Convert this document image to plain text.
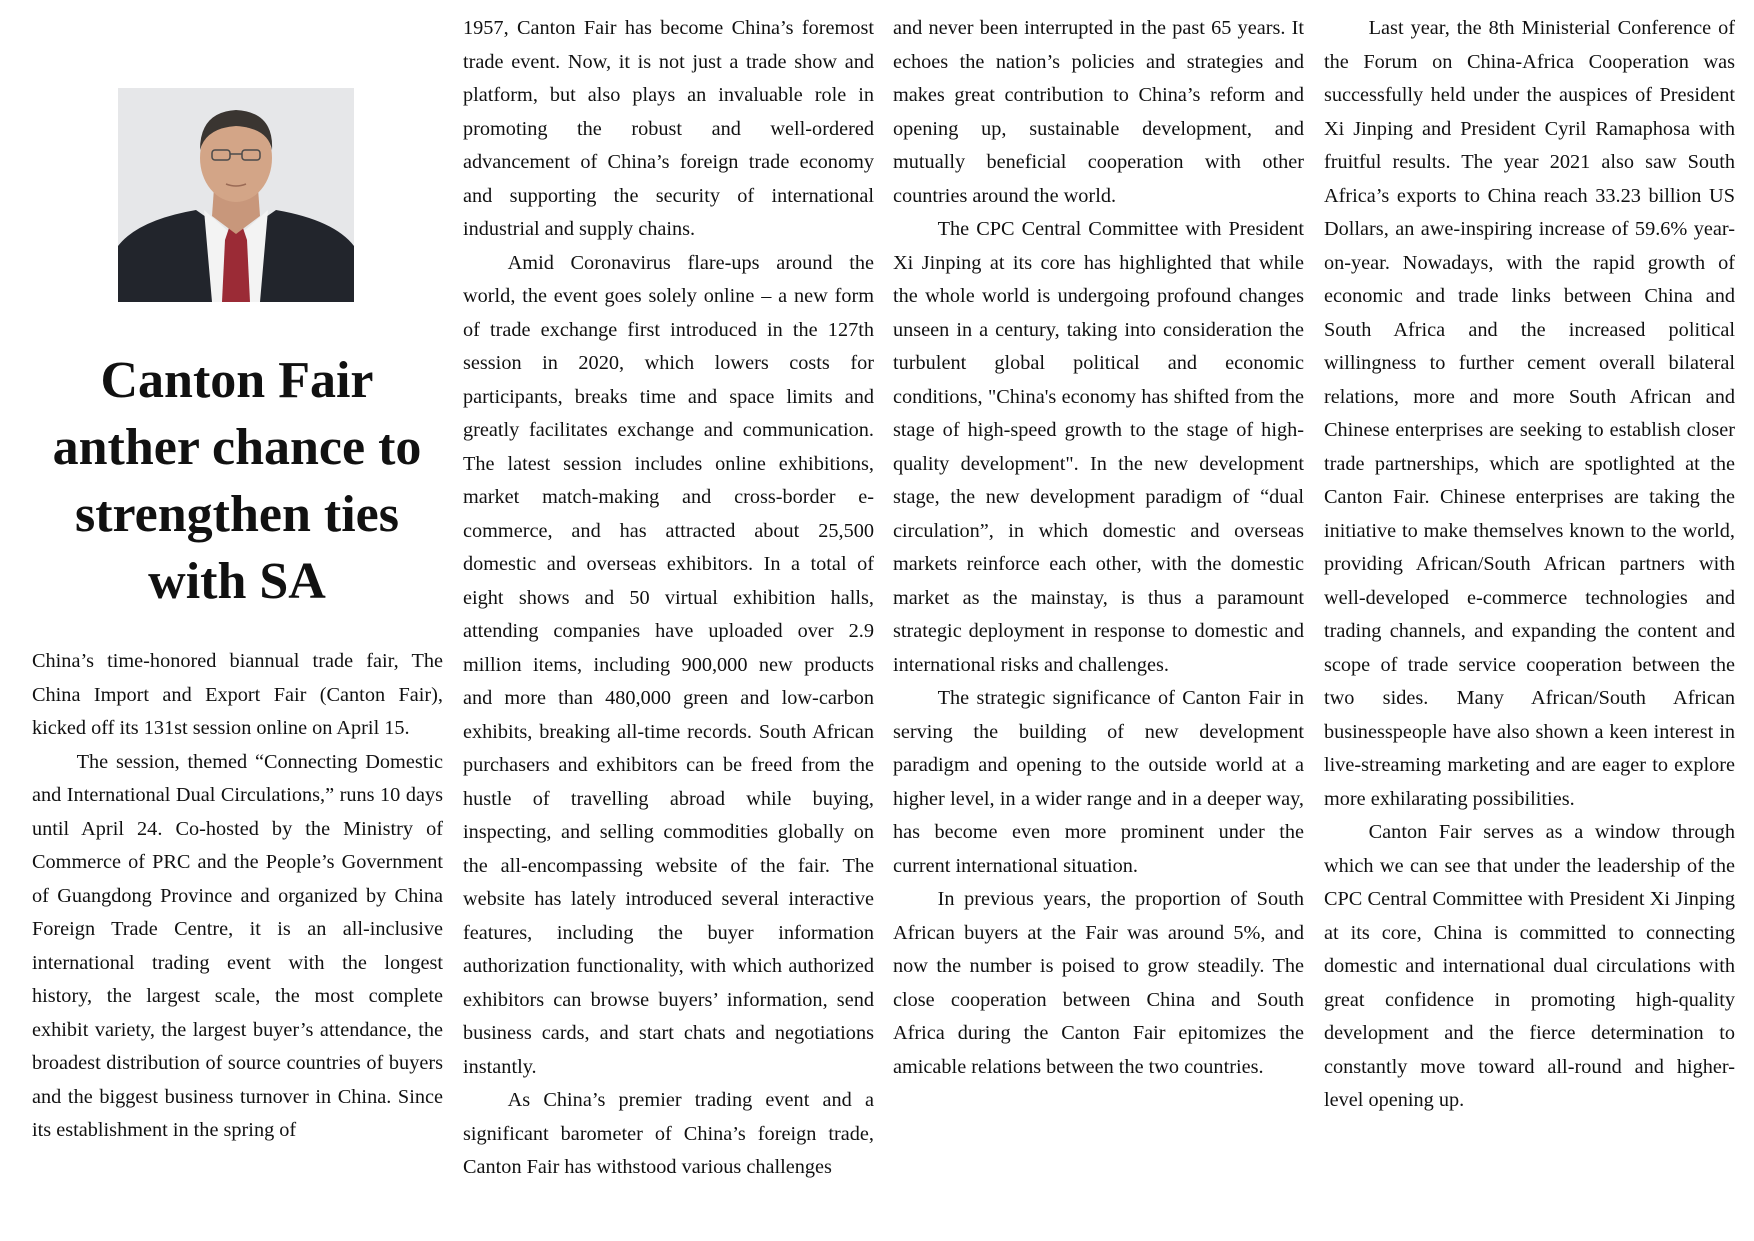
Canton Fair anther chance to strengthen ties with SA

China’s time-honored biannual trade fair, The China Import and Export Fair (Canton Fair), kicked off its 131st session online on April 15.

The session, themed “Connecting Domestic and International Dual Circulations,” runs 10 days until April 24. Co-hosted by the Ministry of Commerce of PRC and the People’s Government of Guangdong Province and organized by China Foreign Trade Centre, it is an all-inclusive international trading event with the longest history, the largest scale, the most complete exhibit variety, the largest buyer’s attendance, the broadest distribution of source countries of buyers and the biggest business turnover in China. Since its establishment in the spring of

1957, Canton Fair has become China’s foremost trade event. Now, it is not just a trade show and platform, but also plays an invaluable role in promoting the robust and well-ordered advancement of China’s foreign trade economy and supporting the security of international industrial and supply chains.

Amid Coronavirus flare-ups around the world, the event goes solely online – a new form of trade exchange first introduced in the 127th session in 2020, which lowers costs for participants, breaks time and space limits and greatly facilitates exchange and communication. The latest session includes online exhibitions, market match-making and cross-border e-commerce, and has attracted about 25,500 domestic and overseas exhibitors. In a total of eight shows and 50 virtual exhibition halls, attending companies have uploaded over 2.9 million items, including 900,000 new products and more than 480,000 green and low-carbon exhibits, breaking all-time records. South African purchasers and exhibitors can be freed from the hustle of travelling abroad while buying, inspecting, and selling commodities globally on the all-encompassing website of the fair. The website has lately introduced several interactive features, including the buyer information authorization functionality, with which authorized exhibitors can browse buyers’ information, send business cards, and start chats and negotiations instantly.

As China’s premier trading event and a significant barometer of China’s foreign trade, Canton Fair has withstood various challenges

and never been interrupted in the past 65 years. It echoes the nation’s policies and strategies and makes great contribution to China’s reform and opening up, sustainable development, and mutually beneficial cooperation with other countries around the world.

The CPC Central Committee with President Xi Jinping at its core has highlighted that while the whole world is undergoing profound changes unseen in a century, taking into consideration the turbulent global political and economic conditions, "China's economy has shifted from the stage of high-speed growth to the stage of high-quality development". In the new development stage, the new development paradigm of “dual circulation”, in which domestic and overseas markets reinforce each other, with the domestic market as the mainstay, is thus a paramount strategic deployment in response to domestic and international risks and challenges.

The strategic significance of Canton Fair in serving the building of new development paradigm and opening to the outside world at a higher level, in a wider range and in a deeper way, has become even more prominent under the current international situation.

In previous years, the proportion of South African buyers at the Fair was around 5%, and now the number is poised to grow steadily. The close cooperation between China and South Africa during the Canton Fair epitomizes the amicable relations between the two countries.

Last year, the 8th Ministerial Conference of the Forum on China-Africa Cooperation was successfully held under the auspices of President Xi Jinping and President Cyril Ramaphosa with fruitful results. The year 2021 also saw South Africa’s exports to China reach 33.23 billion US Dollars, an awe-inspiring increase of 59.6% year-on-year. Nowadays, with the rapid growth of economic and trade links between China and South Africa and the increased political willingness to further cement overall bilateral relations, more and more South African and Chinese enterprises are seeking to establish closer trade partnerships, which are spotlighted at the Canton Fair. Chinese enterprises are taking the initiative to make themselves known to the world, providing African/South African partners with well-developed e-commerce technologies and trading channels, and expanding the content and scope of trade service cooperation between the two sides. Many African/South African businesspeople have also shown a keen interest in live-streaming marketing and are eager to explore more exhilarating possibilities.

Canton Fair serves as a window through which we can see that under the leadership of the CPC Central Committee with President Xi Jinping at its core, China is committed to connecting domestic and international dual circulations with great confidence in promoting high-quality development and the fierce determination to constantly move toward all-round and higher-level opening up.
